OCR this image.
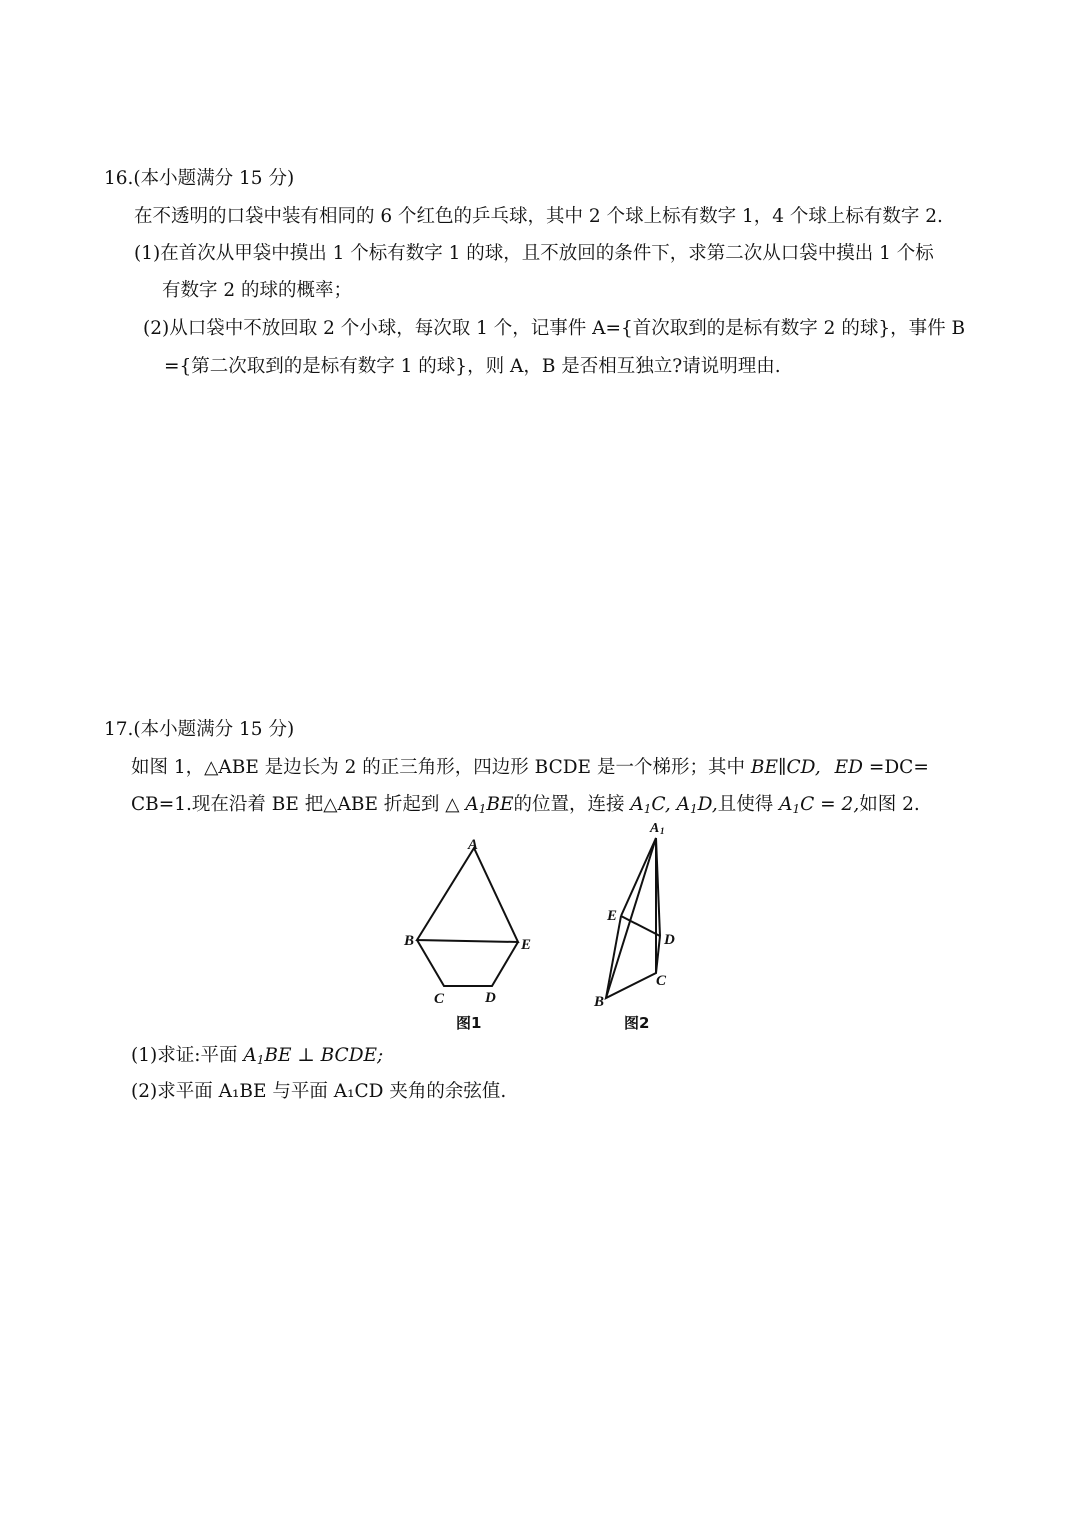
16.(本小题满分 15 分)
在不透明的口袋中装有相同的 6 个红色的乒乓球，其中 2 个球上标有数字 1，4 个球上标有数字 2.
(1)在首次从甲袋中摸出 1 个标有数字 1 的球，且不放回的条件下，求第二次从口袋中摸出 1 个标
有数字 2 的球的概率；
(2)从口袋中不放回取 2 个小球，每次取 1 个，记事件 A={首次取到的是标有数字 2 的球}，事件 B
={第二次取到的是标有数字 1 的球}，则 A，B 是否相互独立?请说明理由.
17.(本小题满分 15 分)
如图 1，△ABE 是边长为 2 的正三角形，四边形 BCDE 是一个梯形；其中 BE∥CD, ED =DC=
CB=1.现在沿着 BE 把△ABE 折起到 △ $A_1BE$的位置，连接 $A_1C$, $A_1D$,且使得 $A_1C = 2$,如图 2.
A
B	E
C	D
图1
A 1
E
D
C
B
图2
(1)求证:平面 $A_1BE$ ⊥ BCDE;
(2)求平面 A₁BE 与平面 A₁CD 夹角的余弦值.
